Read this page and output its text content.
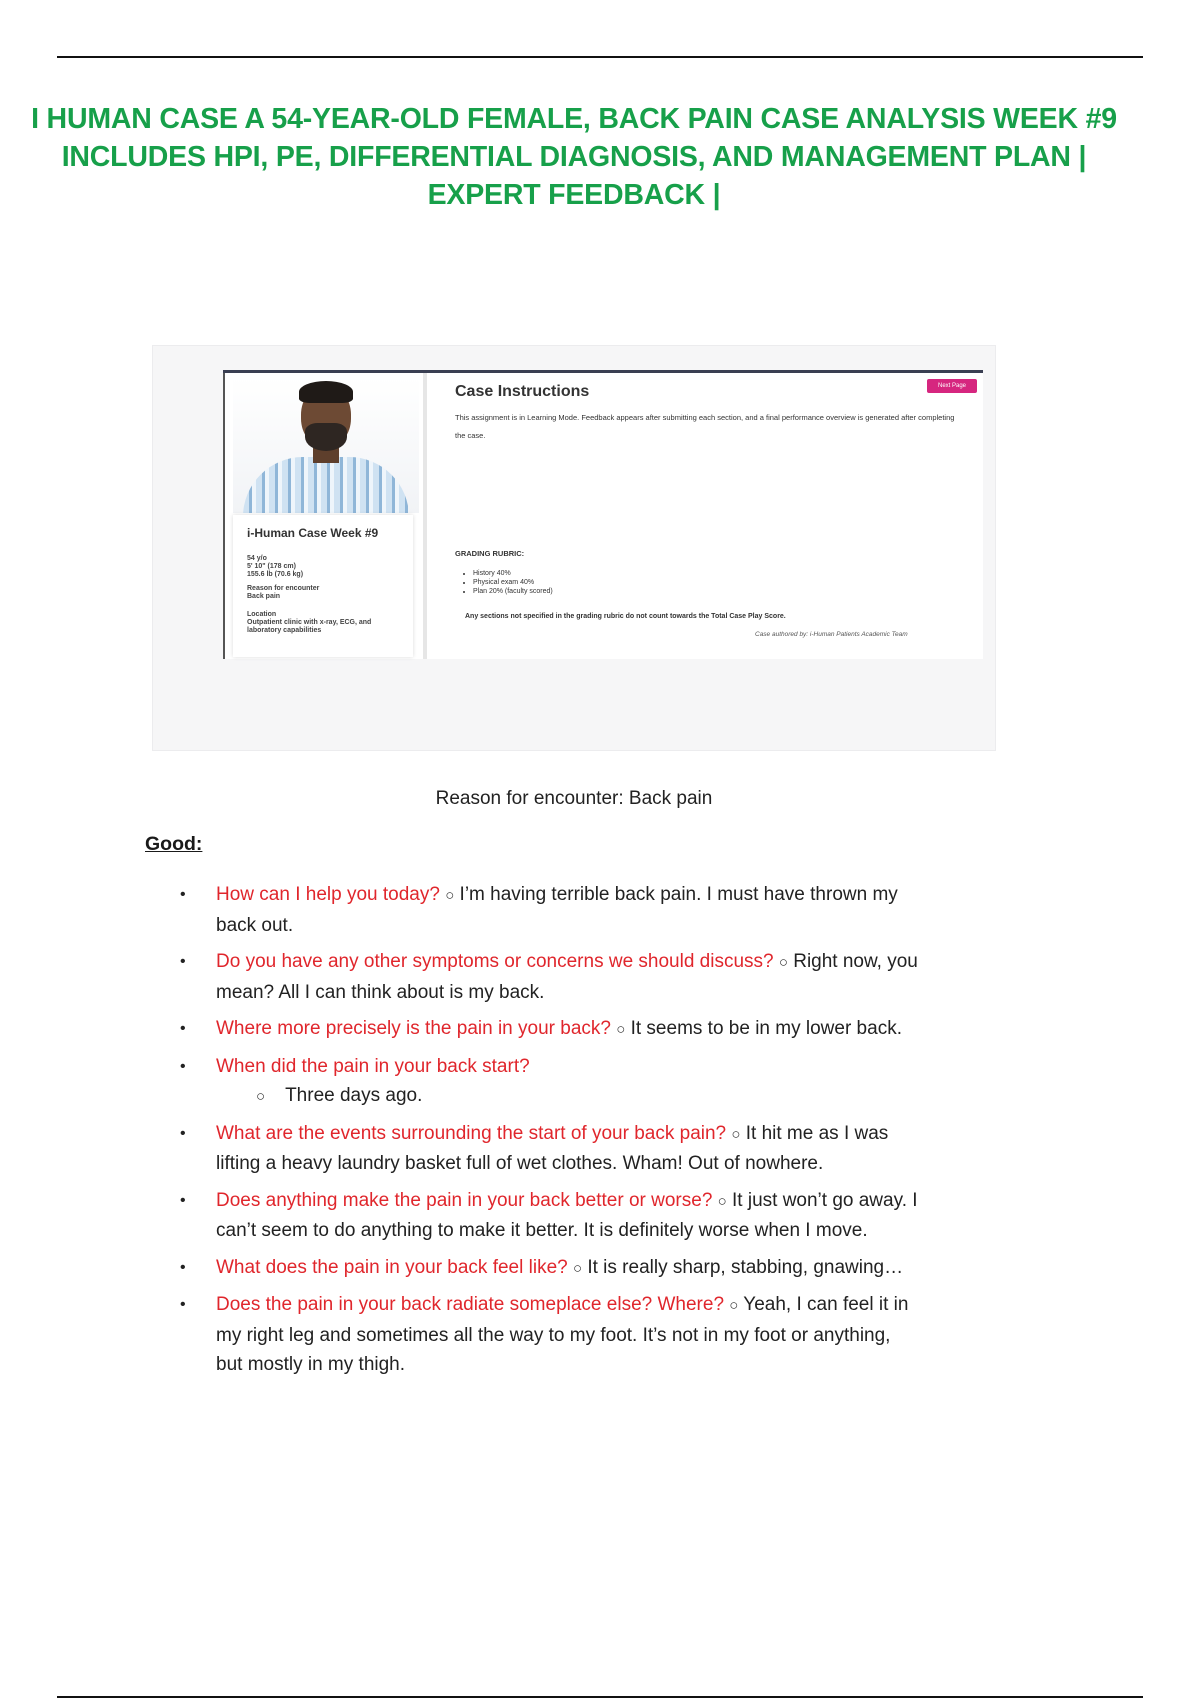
I HUMAN CASE A 54-YEAR-OLD FEMALE, BACK PAIN CASE ANALYSIS WEEK #9 INCLUDES HPI, PE, DIFFERENTIAL DIAGNOSIS, AND MANAGEMENT PLAN | EXPERT FEEDBACK |
i-Human Case Week #9
54 y/o
5' 10" (178 cm)
155.6 lb (70.6 kg)
Reason for encounter
Back pain
Location
Outpatient clinic with x-ray, ECG, and laboratory capabilities
Case Instructions	Next Page
This assignment is in Learning Mode. Feedback appears after submitting each section, and a final performance overview is generated after completing the case.
GRADING RUBRIC:
• History 40%
• Physical exam 40%
• Plan 20% (faculty scored)
Any sections not specified in the grading rubric do not count towards the Total Case Play Score.
Case authored by: i-Human Patients Academic Team
Reason for encounter: Back pain
Good:
• How can I help you today? ○ I’m having terrible back pain. I must have thrown my back out.
• Do you have any other symptoms or concerns we should discuss? ○ Right now, you mean? All I can think about is my back.
• Where more precisely is the pain in your back? ○ It seems to be in my lower back.
• When did the pain in your back start?
○ Three days ago.
• What are the events surrounding the start of your back pain? ○ It hit me as I was lifting a heavy laundry basket full of wet clothes. Wham! Out of nowhere.
• Does anything make the pain in your back better or worse? ○ It just won’t go away. I can’t seem to do anything to make it better. It is definitely worse when I move.
• What does the pain in your back feel like? ○ It is really sharp, stabbing, gnawing…
• Does the pain in your back radiate someplace else? Where? ○ Yeah, I can feel it in my right leg and sometimes all the way to my foot. It’s not in my foot or anything, but mostly in my thigh.
